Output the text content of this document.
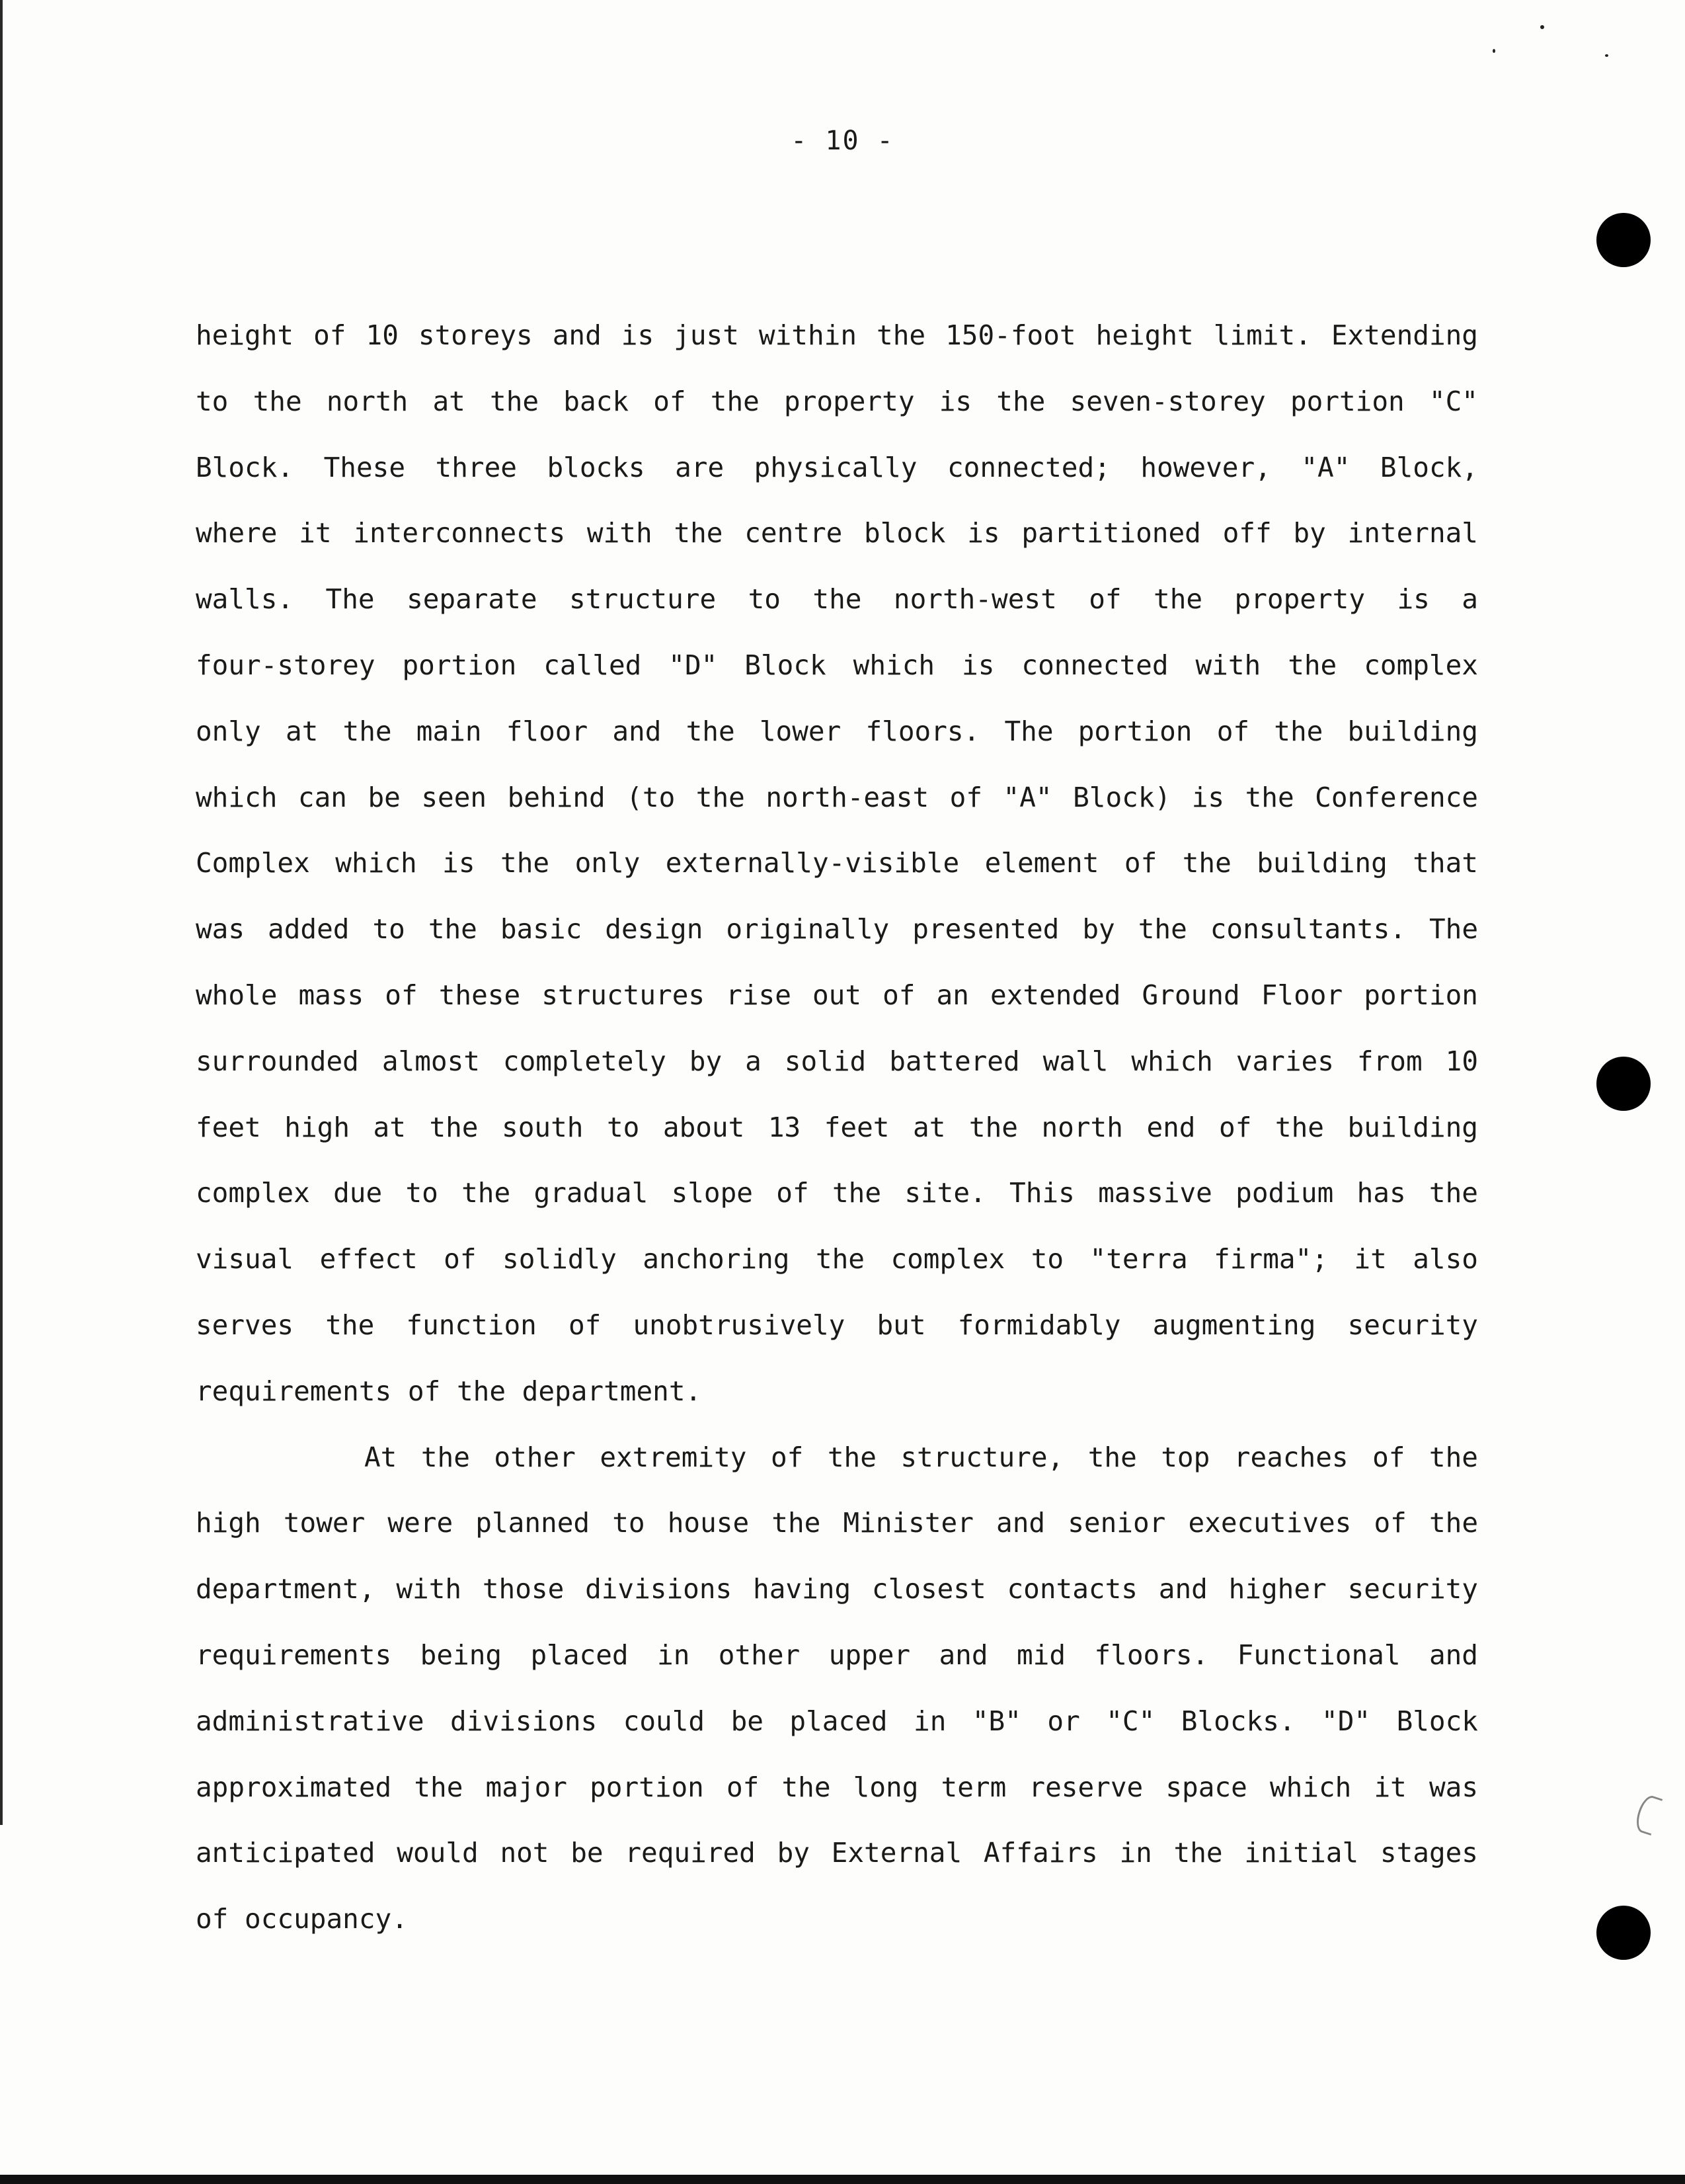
- 10 -
height of 10 storeys and is just within the 150-foot height limit. Extending
to the north at the back of the property is the seven-storey portion "C"
Block. These three blocks are physically connected; however, "A" Block,
where it interconnects with the centre block is partitioned off by internal
walls. The separate structure to the north-west of the property is a
four-storey portion called "D" Block which is connected with the complex
only at the main floor and the lower floors. The portion of the building
which can be seen behind (to the north-east of "A" Block) is the Conference
Complex which is the only externally-visible element of the building that
was added to the basic design originally presented by the consultants. The
whole mass of these structures rise out of an extended Ground Floor portion
surrounded almost completely by a solid battered wall which varies from 10
feet high at the south to about 13 feet at the north end of the building
complex due to the gradual slope of the site. This massive podium has the
visual effect of solidly anchoring the complex to "terra firma"; it also
serves the function of unobtrusively but formidably augmenting security
requirements of the department.
At the other extremity of the structure, the top reaches of the
high tower were planned to house the Minister and senior executives of the
department, with those divisions having closest contacts and higher security
requirements being placed in other upper and mid floors. Functional and
administrative divisions could be placed in "B" or "C" Blocks. "D" Block
approximated the major portion of the long term reserve space which it was
anticipated would not be required by External Affairs in the initial stages
of occupancy.
